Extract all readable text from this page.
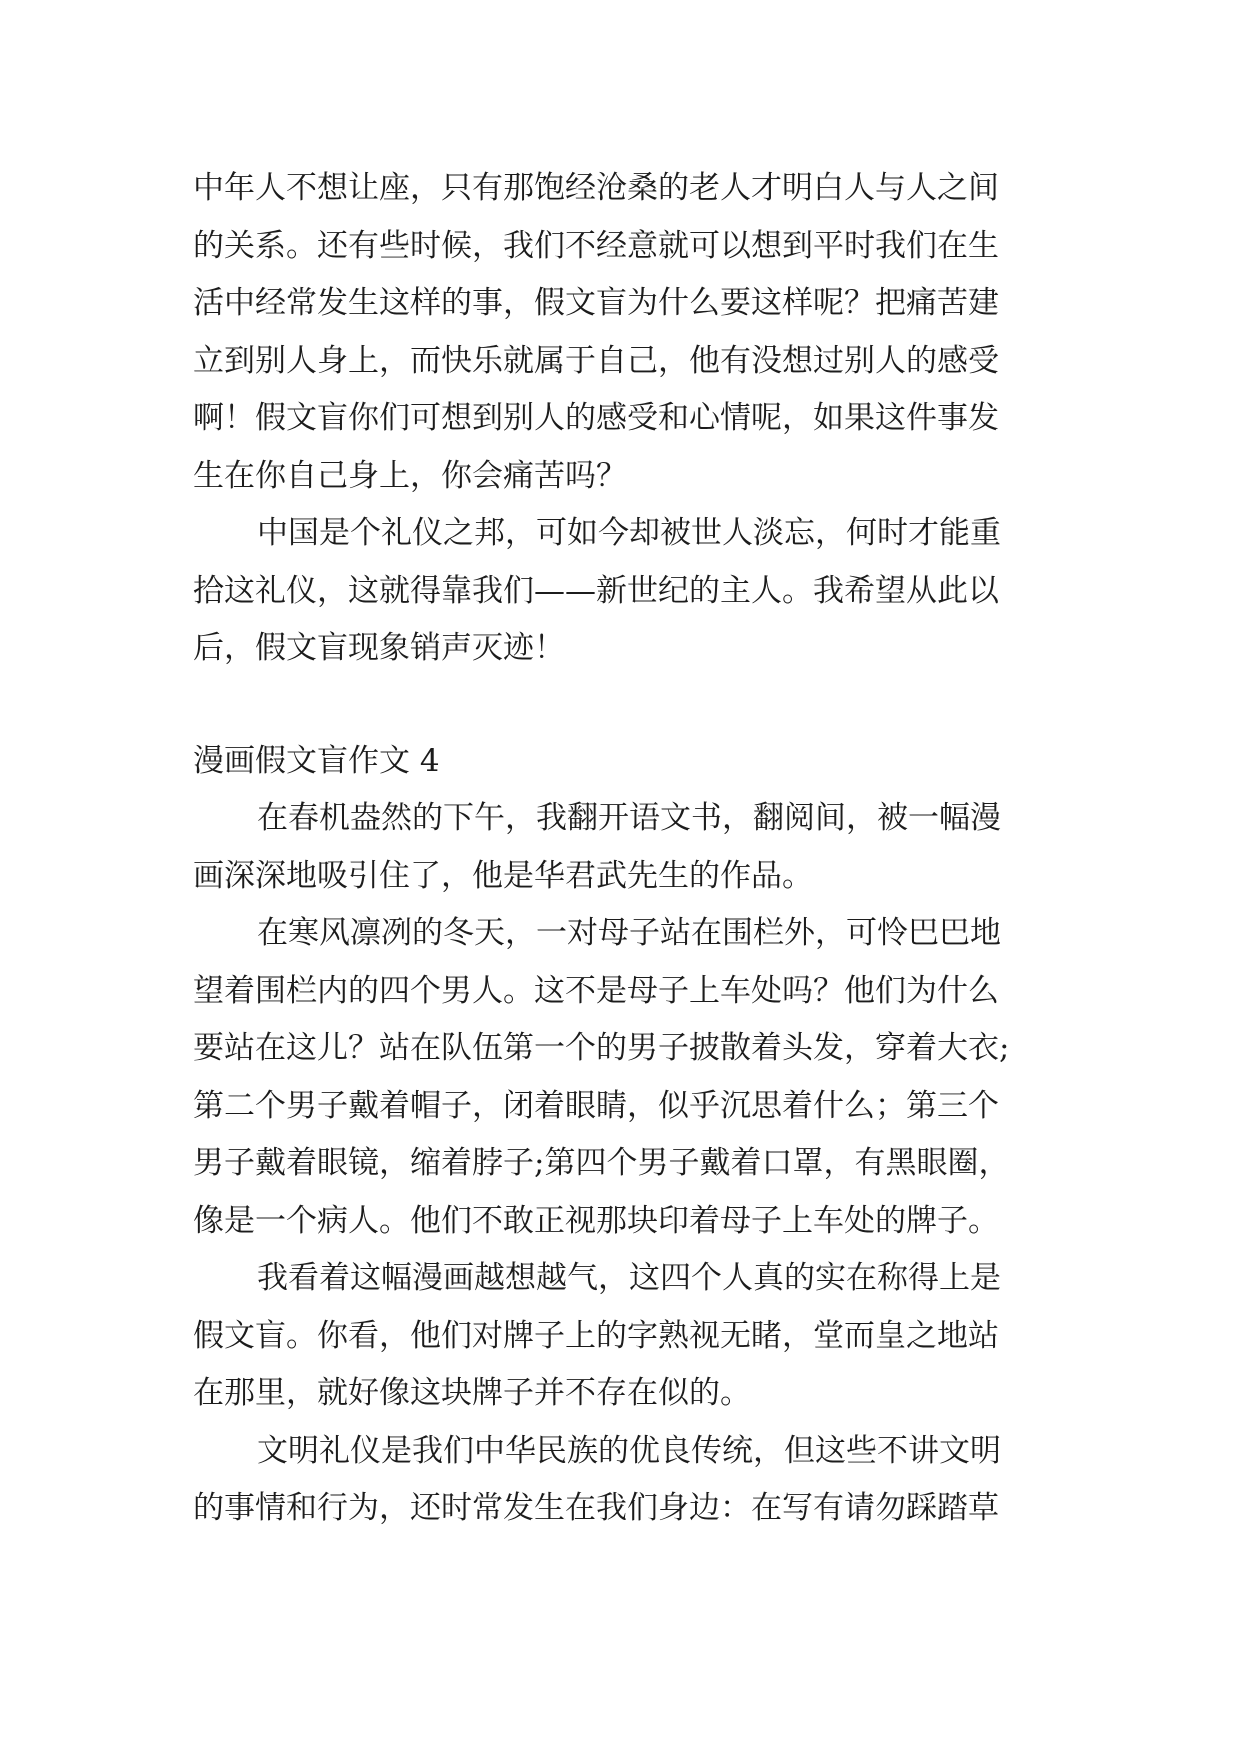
中年人不想让座，只有那饱经沧桑的老人才明白人与人之间
的关系。还有些时候，我们不经意就可以想到平时我们在生
活中经常发生这样的事，假文盲为什么要这样呢？把痛苦建
立到别人身上，而快乐就属于自己，他有没想过别人的感受
啊！假文盲你们可想到别人的感受和心情呢，如果这件事发
生在你自己身上，你会痛苦吗？
中国是个礼仪之邦，可如今却被世人淡忘，何时才能重
拾这礼仪，这就得靠我们——新世纪的主人。我希望从此以
后，假文盲现象销声灭迹！
漫画假文盲作文 4
在春机盎然的下午，我翻开语文书，翻阅间，被一幅漫
画深深地吸引住了，他是华君武先生的作品。
在寒风凛冽的冬天，一对母子站在围栏外，可怜巴巴地
望着围栏内的四个男人。这不是母子上车处吗？他们为什么
要站在这儿？站在队伍第一个的男子披散着头发，穿着大衣;
第二个男子戴着帽子，闭着眼睛，似乎沉思着什么；第三个
男子戴着眼镜，缩着脖子;第四个男子戴着口罩，有黑眼圈，
像是一个病人。他们不敢正视那块印着母子上车处的牌子。
我看着这幅漫画越想越气，这四个人真的实在称得上是
假文盲。你看，他们对牌子上的字熟视无睹，堂而皇之地站
在那里，就好像这块牌子并不存在似的。
文明礼仪是我们中华民族的优良传统，但这些不讲文明
的事情和行为，还时常发生在我们身边：在写有请勿踩踏草
